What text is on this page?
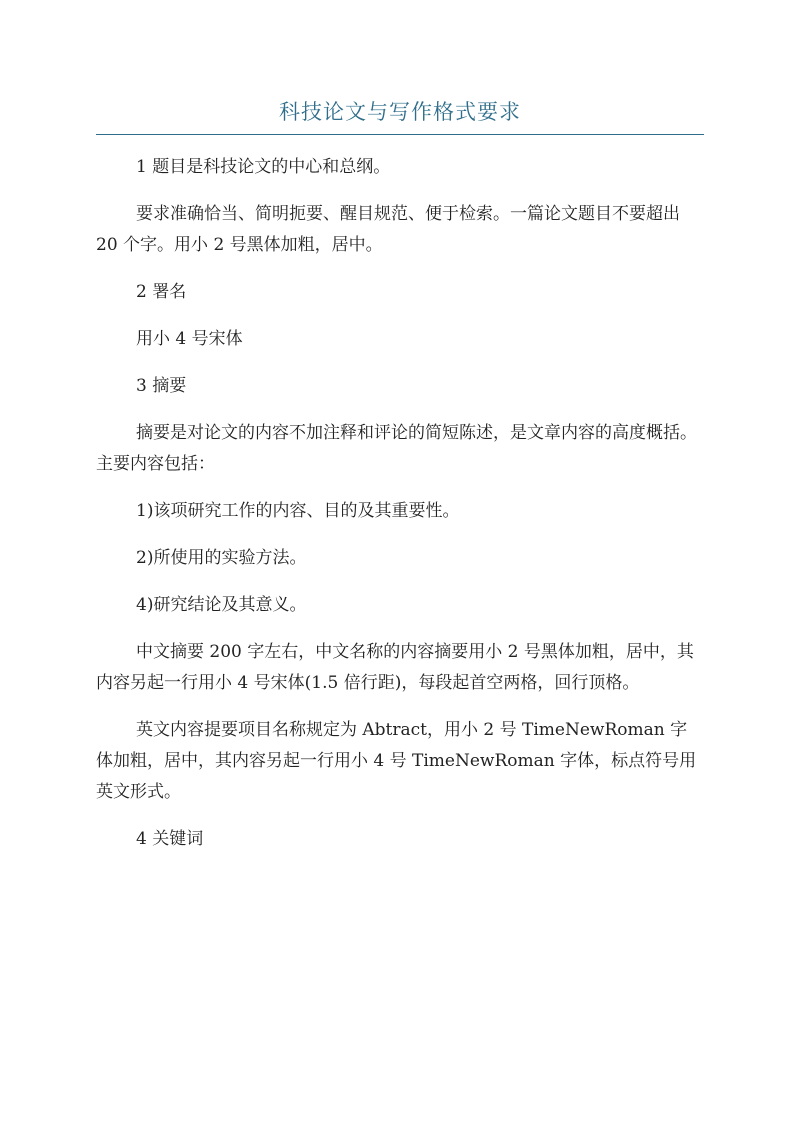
科技论文与写作格式要求

1 题目是科技论文的中心和总纲。

要求准确恰当、简明扼要、醒目规范、便于检索。一篇论文题目不要超出 20 个字。用小 2 号黑体加粗，居中。

2 署名

用小 4 号宋体

3 摘要

摘要是对论文的内容不加注释和评论的简短陈述，是文章内容的高度概括。主要内容包括：

1)该项研究工作的内容、目的及其重要性。

2)所使用的实验方法。

4)研究结论及其意义。

中文摘要 200 字左右，中文名称的内容摘要用小 2 号黑体加粗，居中，其内容另起一行用小 4 号宋体(1.5 倍行距)，每段起首空两格，回行顶格。

英文内容提要项目名称规定为 Abtract，用小 2 号 TimeNewRoman 字体加粗，居中，其内容另起一行用小 4 号 TimeNewRoman 字体，标点符号用英文形式。

4 关键词
